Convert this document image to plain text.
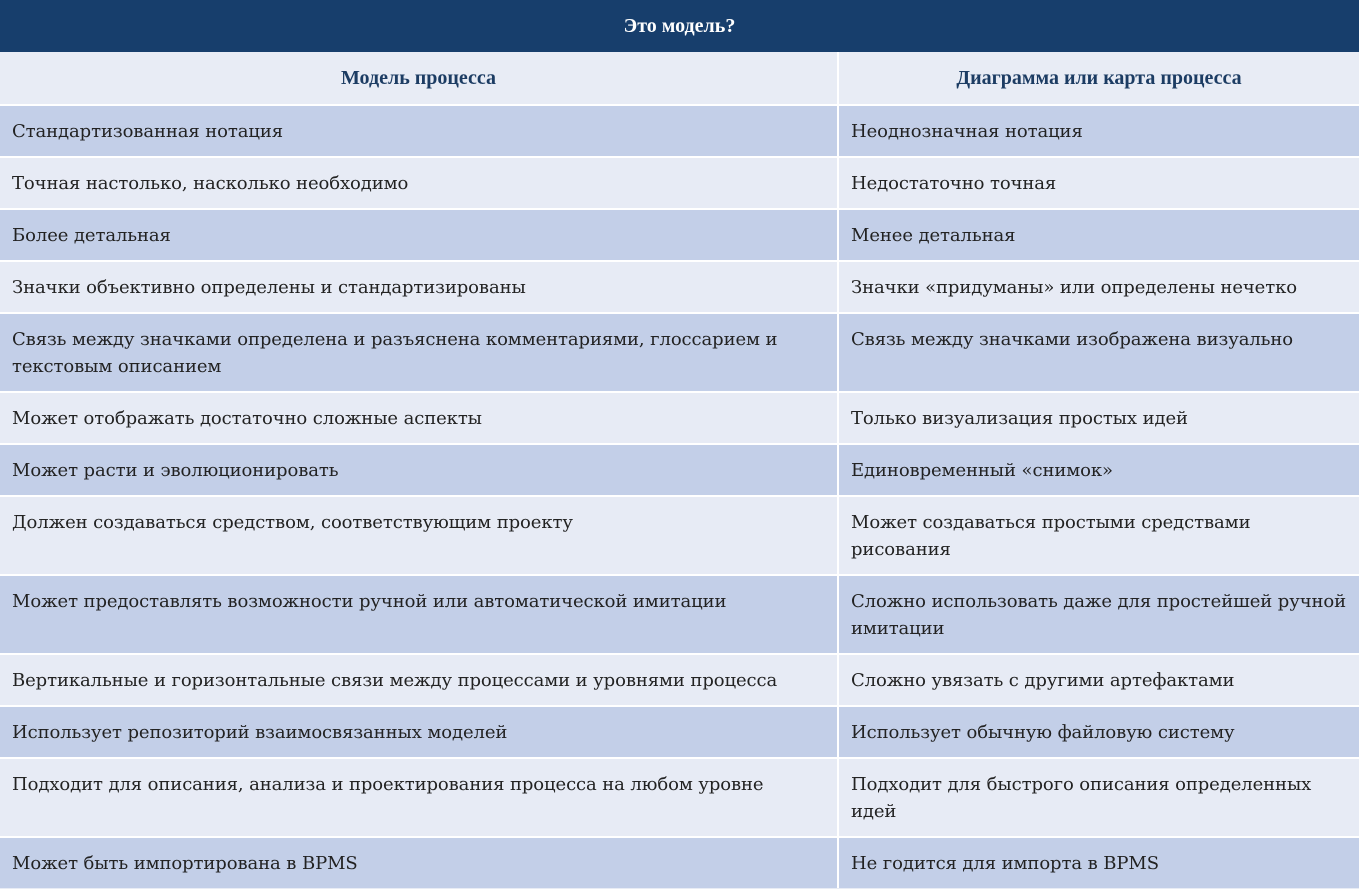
Это модель?
Модель процесса	Диаграмма или карта процесса
Стандартизованная нотация	Неоднозначная нотация
Точная настолько, насколько необходимо	Недостаточно точная
Более детальная	Менее детальная
Значки объективно определены и стандартизированы	Значки «придуманы» или определены нечетко
Связь между значками определена и разъяснена комментариями, глоссарием и текстовым описанием	Связь между значками изображена визуально
Может отображать достаточно сложные аспекты	Только визуализация простых идей
Может расти и эволюционировать	Единовременный «снимок»
Должен создаваться средством, соответствующим проекту	Может создаваться простыми средствами рисования
Может предоставлять возможности ручной или автоматической имитации	Сложно использовать даже для простейшей ручной имитации
Вертикальные и горизонтальные связи между процессами и уровнями процесса	Сложно увязать с другими артефактами
Использует репозиторий взаимосвязанных моделей	Использует обычную файловую систему
Подходит для описания, анализа и проектирования процесса на любом уровне	Подходит для быстрого описания определенных идей
Может быть импортирована в BPMS	Не годится для импорта в BPMS
